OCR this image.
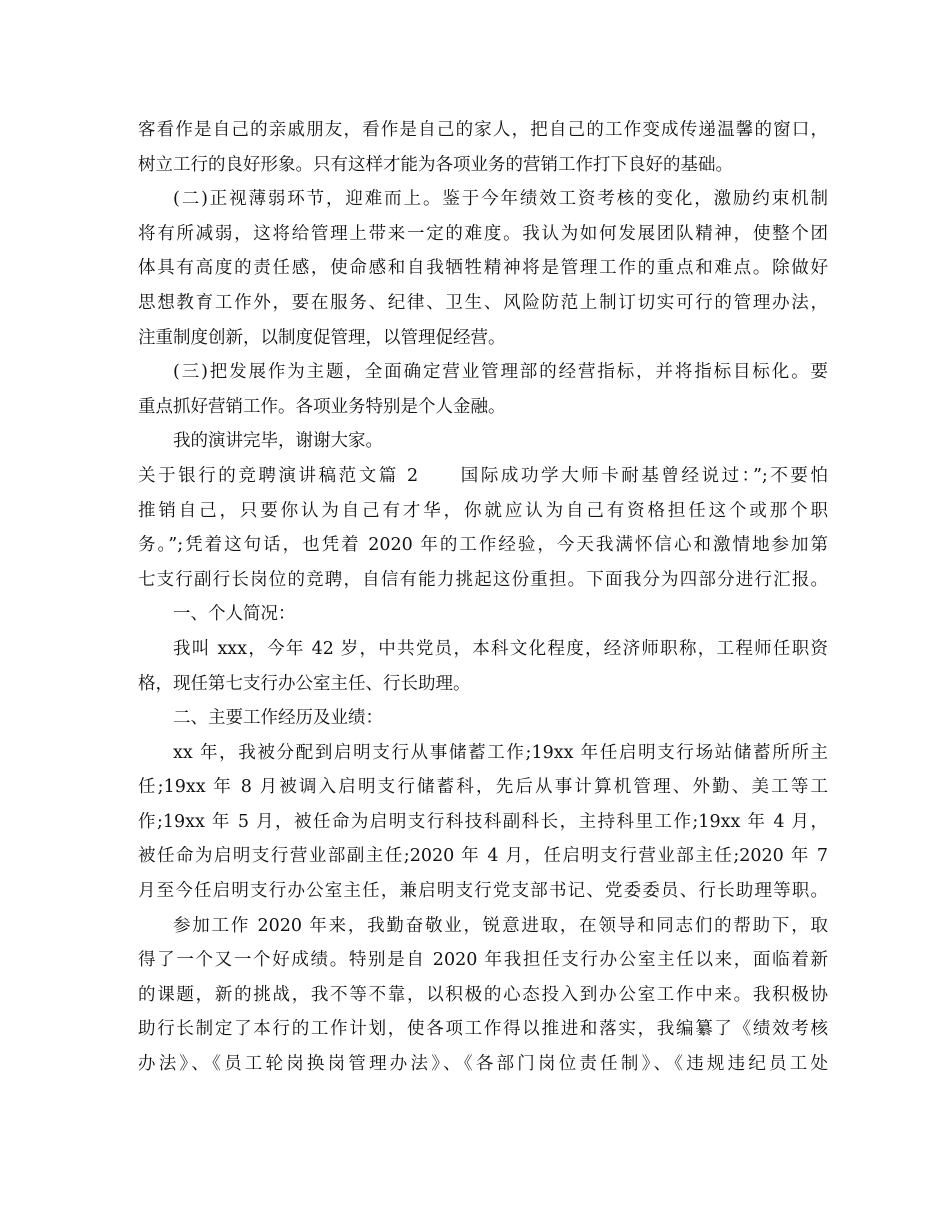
客看作是自己的亲戚朋友，看作是自己的家人，把自己的工作变成传递温馨的窗口，
树立工行的良好形象。只有这样才能为各项业务的营销工作打下良好的基础。
(二)正视薄弱环节，迎难而上。鉴于今年绩效工资考核的变化，激励约束机制
将有所减弱，这将给管理上带来一定的难度。我认为如何发展团队精神，使整个团
体具有高度的责任感，使命感和自我牺牲精神将是管理工作的重点和难点。除做好
思想教育工作外，要在服务、纪律、卫生、风险防范上制订切实可行的管理办法，
注重制度创新，以制度促管理，以管理促经营。
(三)把发展作为主题，全面确定营业管理部的经营指标，并将指标目标化。要
重点抓好营销工作。各项业务特别是个人金融。
我的演讲完毕，谢谢大家。
关于银行的竞聘演讲稿范文篇 2　　国际成功学大师卡耐基曾经说过：”;不要怕
推销自己，只要你认为自己有才华，你就应认为自己有资格担任这个或那个职
务。”;凭着这句话，也凭着 2020 年的工作经验，今天我满怀信心和激情地参加第
七支行副行长岗位的竞聘，自信有能力挑起这份重担。下面我分为四部分进行汇报。
一、个人简况：
我叫 xxx，今年 42 岁，中共党员，本科文化程度，经济师职称，工程师任职资
格，现任第七支行办公室主任、行长助理。
二、主要工作经历及业绩：
xx 年，我被分配到启明支行从事储蓄工作;19xx 年任启明支行场站储蓄所所主
任;19xx 年 8 月被调入启明支行储蓄科，先后从事计算机管理、外勤、美工等工
作;19xx 年 5 月，被任命为启明支行科技科副科长，主持科里工作;19xx 年 4 月，
被任命为启明支行营业部副主任;2020 年 4 月，任启明支行营业部主任;2020 年 7
月至今任启明支行办公室主任，兼启明支行党支部书记、党委委员、行长助理等职。
参加工作 2020 年来，我勤奋敬业，锐意进取，在领导和同志们的帮助下，取
得了一个又一个好成绩。特别是自 2020 年我担任支行办公室主任以来，面临着新
的课题，新的挑战，我不等不靠，以积极的心态投入到办公室工作中来。我积极协
助行长制定了本行的工作计划，使各项工作得以推进和落实，我编纂了《绩效考核
办法》、《员工轮岗换岗管理办法》、《各部门岗位责任制》、《违规违纪员工处
